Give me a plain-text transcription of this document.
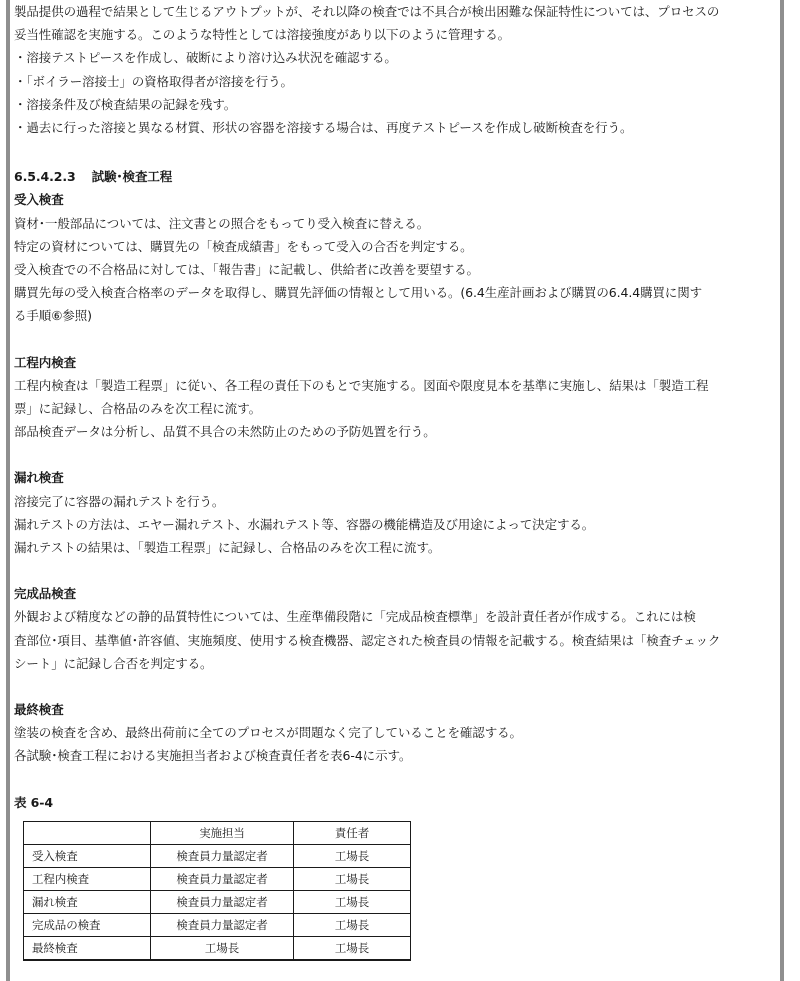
製品提供の過程で結果として生じるアウトプットが、それ以降の検査では不具合が検出困難な保証特性については、プロセスの

妥当性確認を実施する。このような特性としては溶接強度があり以下のように管理する。

・溶接テストピースを作成し、破断により溶け込み状況を確認する。

・「ボイラー溶接士」の資格取得者が溶接を行う。

・溶接条件及び検査結果の記録を残す。

・過去に行った溶接と異なる材質、形状の容器を溶接する場合は、再度テストピースを作成し破断検査を行う。

6.5.4.2.3 試験･検査工程

受入検査

資材･一般部品については、注文書との照合をもってり受入検査に替える。

特定の資材については、購買先の「検査成績書」をもって受入の合否を判定する。

受入検査での不合格品に対しては、「報告書」に記載し、供給者に改善を要望する。

購買先毎の受入検査合格率のデータを取得し、購買先評価の情報として用いる。(6.4生産計画および購買の6.4.4購買に関す

る手順⑥参照)

工程内検査

工程内検査は「製造工程票」に従い、各工程の責任下のもとで実施する。図面や限度見本を基準に実施し、結果は「製造工程

票」に記録し、合格品のみを次工程に流す。

部品検査データは分析し、品質不具合の未然防止のための予防処置を行う。

漏れ検査

溶接完了に容器の漏れテストを行う。

漏れテストの方法は、エヤー漏れテスト、水漏れテスト等、容器の機能構造及び用途によって決定する。

漏れテストの結果は、「製造工程票」に記録し、合格品のみを次工程に流す。

完成品検査

外観および精度などの静的品質特性については、生産準備段階に「完成品検査標準」を設計責任者が作成する。これには検

査部位･項目、基準値･許容値、実施頻度、使用する検査機器、認定された検査員の情報を記載する。検査結果は「検査チェック

シート」に記録し合否を判定する。

最終検査

塗装の検査を含め、最終出荷前に全てのプロセスが問題なく完了していることを確認する。

各試験･検査工程における実施担当者および検査責任者を表6-4に示す。

表 6-4

	実施担当	責任者
受入検査	検査員力量認定者	工場長
工程内検査	検査員力量認定者	工場長
漏れ検査	検査員力量認定者	工場長
完成品の検査	検査員力量認定者	工場長
最終検査	工場長	工場長
